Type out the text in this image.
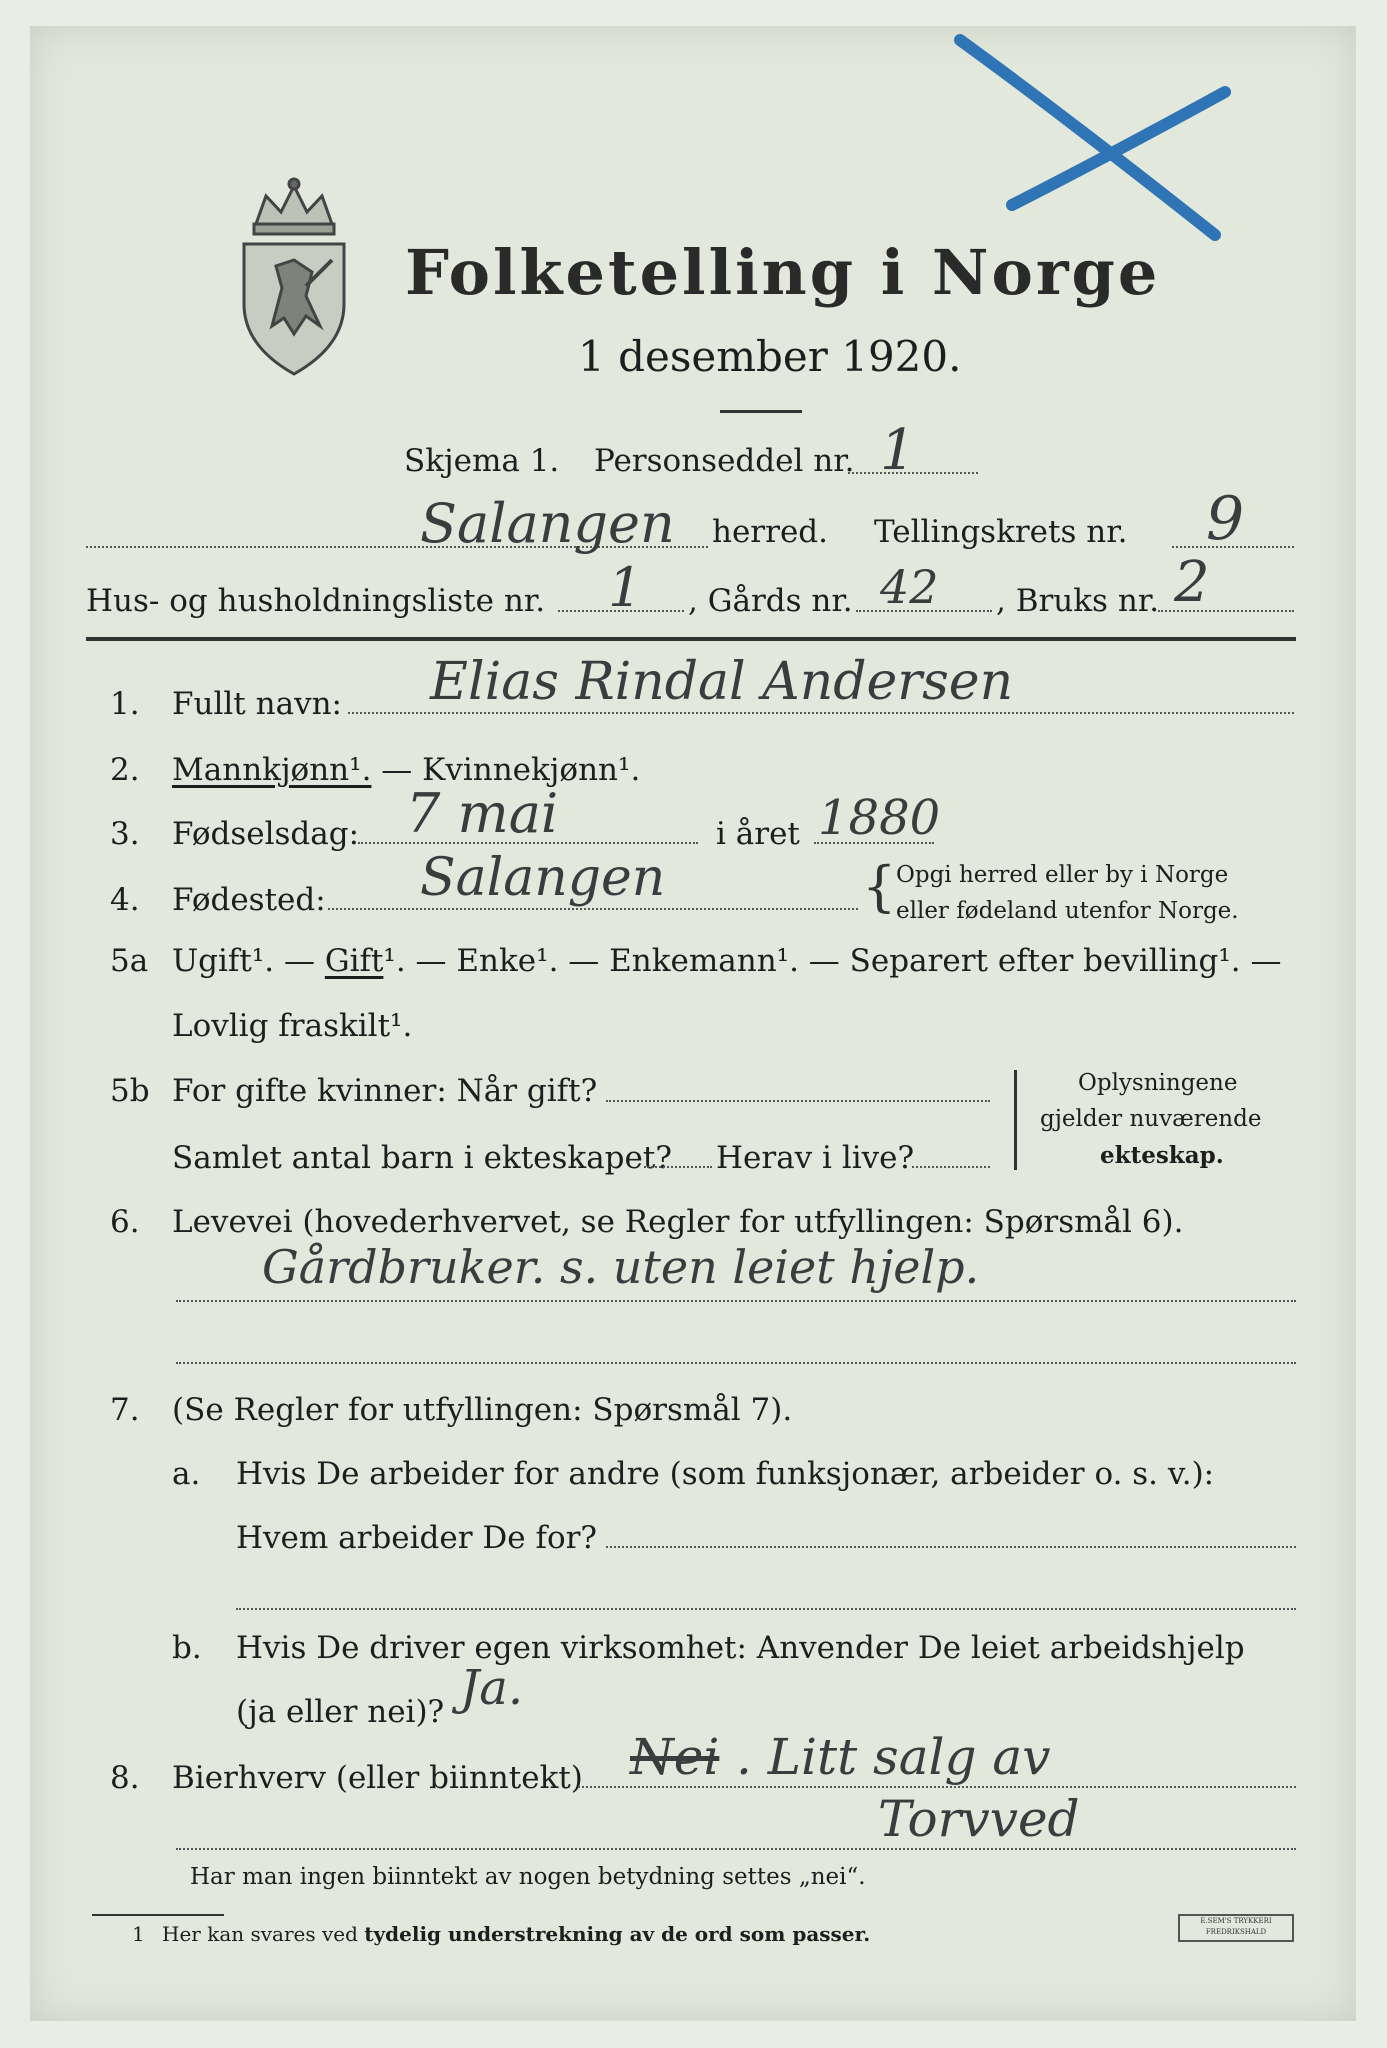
Folketelling i Norge
1 desember 1920.
Skjema 1. Personseddel nr. 1
Salangen herred. Tellingskrets nr. 9
Hus- og husholdningsliste nr. 1 , Gårds nr. 42 , Bruks nr. 2
1. Fullt navn: Elias Rindal Andersen
2. Mannkjønn¹. — Kvinnekjønn¹.
3. Fødselsdag: 7 mai	i året 1880
4. Fødested: Salangen	{ Opgi herred eller by i Norge
eller fødeland utenfor Norge.
5a Ugift¹. — Gift¹. — Enke¹. — Enkemann¹. — Separert efter bevilling¹. —
Lovlig fraskilt¹.
5b For gifte kvinner: Når gift?
Samlet antal barn i ekteskapet? Herav i live?
Oplysningene
gjelder nuværende
ekteskap.
6. Levevei (hovederhvervet, se Regler for utfyllingen: Spørsmål 6).
Gårdbruker. s. uten leiet hjelp.
7. (Se Regler for utfyllingen: Spørsmål 7).
a. Hvis De arbeider for andre (som funksjonær, arbeider o. s. v.):
Hvem arbeider De for?
b. Hvis De driver egen virksomhet: Anvender De leiet arbeidshjelp
(ja eller nei)? Ja.
8. Bierhverv (eller biinntekt) Nei . Litt salg av
Torvved
Har man ingen biinntekt av nogen betydning settes „nei“.
1 Her kan svares ved tydelig understrekning av de ord som passer.
E.SEM'S TRYKKERI FREDRIKSHALD
